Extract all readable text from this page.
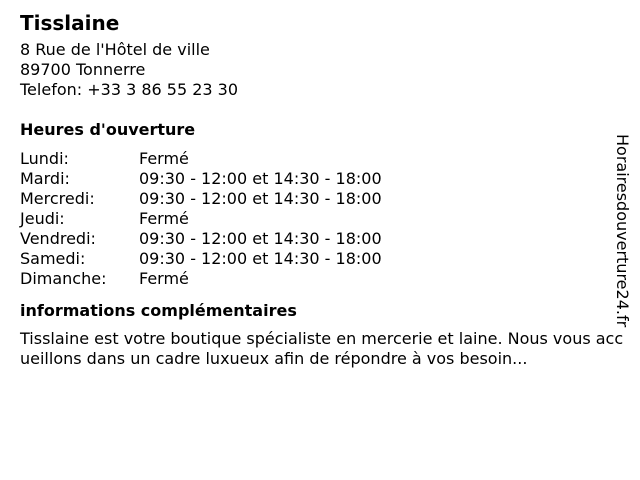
Tisslaine
8 Rue de l'Hôtel de ville
89700 Tonnerre
Telefon: +33 3 86 55 23 30
Heures d'ouverture
Lundi:	Fermé
Mardi:	09:30 - 12:00 et 14:30 - 18:00
Mercredi:	09:30 - 12:00 et 14:30 - 18:00
Jeudi:	Fermé
Vendredi:	09:30 - 12:00 et 14:30 - 18:00
Samedi:	09:30 - 12:00 et 14:30 - 18:00
Dimanche:	Fermé
informations complémentaires
Tisslaine est votre boutique spécialiste en mercerie et laine. Nous vous accueillons dans un cadre luxueux afin de répondre à vos besoin...
Horairesdouverture24.fr
